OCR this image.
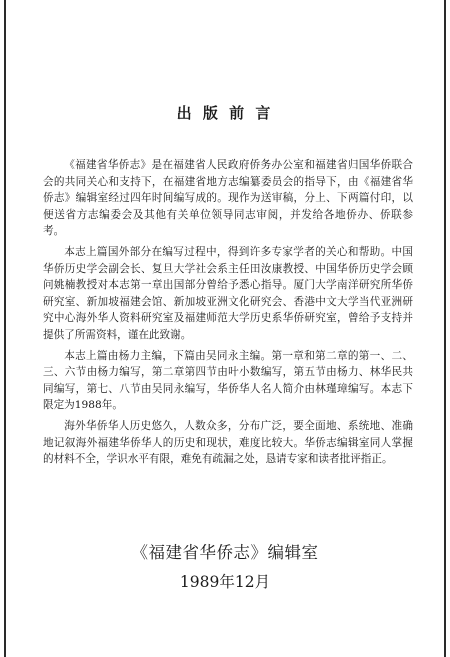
出 版 前 言

《福建省华侨志》是在福建省人民政府侨务办公室和福建省归国华侨联合会的共同关心和支持下，在福建省地方志编纂委员会的指导下，由《福建省华侨志》编辑室经过四年时间编写成的。现作为送审稿，分上、下两篇付印，以便送省方志编委会及其他有关单位领导同志审阅，并发给各地侨办、侨联参考。

本志上篇国外部分在编写过程中，得到许多专家学者的关心和帮助。中国华侨历史学会副会长、复旦大学社会系主任田汝康教授、中国华侨历史学会顾问姚楠教授对本志第一章出国部分曾给予悉心指导。厦门大学南洋研究所华侨研究室、新加坡福建会馆、新加坡亚洲文化研究会、香港中文大学当代亚洲研究中心海外华人资料研究室及福建师范大学历史系华侨研究室，曾给予支持并提供了所需资料，谨在此致谢。

本志上篇由杨力主编，下篇由吴同永主编。第一章和第二章的第一、二、三、六节由杨力编写，第二章第四节由叶小数编写，第五节由杨力、林华民共同编写，第七、八节由吴同永编写，华侨华人名人简介由林瑾璋编写。本志下限定为1988年。

海外华侨华人历史悠久，人数众多，分布广泛，要全面地、系统地、准确地记叙海外福建华侨华人的历史和现状，难度比较大。华侨志编辑室同人掌握的材料不全，学识水平有限，难免有疏漏之处，恳请专家和读者批评指正。

《福建省华侨志》编辑室
1989年12月
